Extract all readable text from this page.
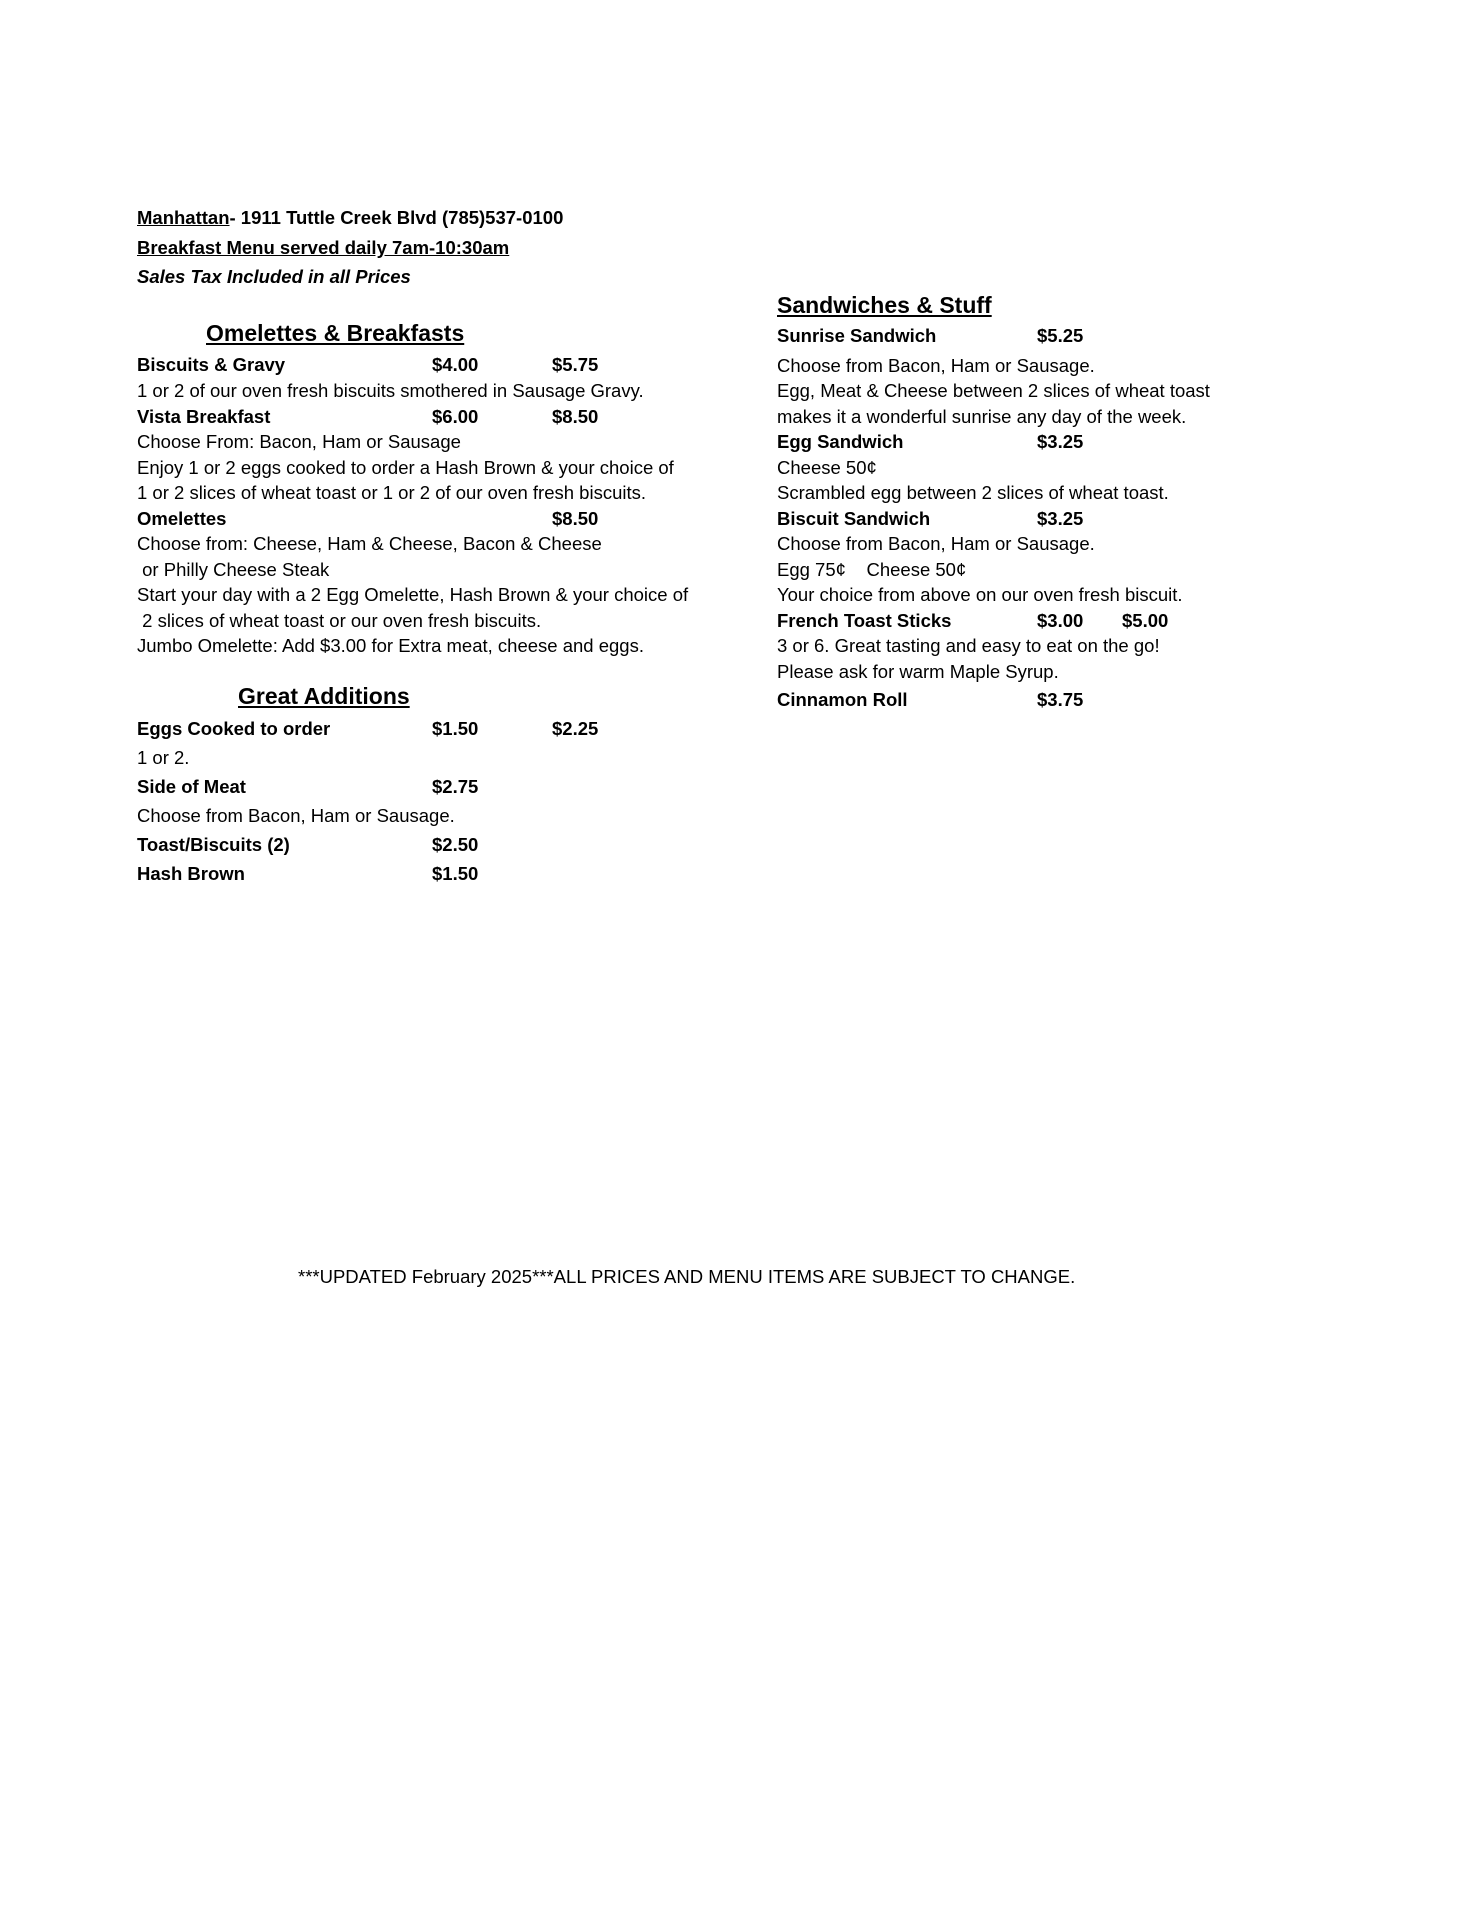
Manhattan- 1911 Tuttle Creek Blvd (785)537-0100
Breakfast Menu served daily 7am-10:30am
Sales Tax Included in all Prices
Omelettes & Breakfasts
Biscuits & Gravy	$4.00	$5.75
1 or 2 of our oven fresh biscuits smothered in Sausage Gravy.
Vista Breakfast	$6.00	$8.50
Choose From: Bacon, Ham or Sausage
Enjoy 1 or 2 eggs cooked to order a Hash Brown & your choice of
1 or 2 slices of wheat toast or 1 or 2 of our oven fresh biscuits.
Omelettes	$8.50
Choose from: Cheese, Ham & Cheese, Bacon & Cheese
or Philly Cheese Steak
Start your day with a 2 Egg Omelette, Hash Brown & your choice of
2 slices of wheat toast or our oven fresh biscuits.
Jumbo Omelette: Add $3.00 for Extra meat, cheese and eggs.
Great Additions
Eggs Cooked to order	$1.50	$2.25
1 or 2.
Side of Meat	$2.75
Choose from Bacon, Ham or Sausage.
Toast/Biscuits (2)	$2.50
Hash Brown	$1.50
Sandwiches & Stuff
Sunrise Sandwich	$5.25
Choose from Bacon, Ham or Sausage.
Egg, Meat & Cheese between 2 slices of wheat toast
makes it a wonderful sunrise any day of the week.
Egg Sandwich	$3.25
Cheese 50¢
Scrambled egg between 2 slices of wheat toast.
Biscuit Sandwich	$3.25
Choose from Bacon, Ham or Sausage.
Egg 75¢    Cheese 50¢
Your choice from above on our oven fresh biscuit.
French Toast Sticks	$3.00 $5.00
3 or 6. Great tasting and easy to eat on the go!
Please ask for warm Maple Syrup.
Cinnamon Roll	$3.75
***UPDATED February 2025***ALL PRICES AND MENU ITEMS ARE SUBJECT TO CHANGE.
